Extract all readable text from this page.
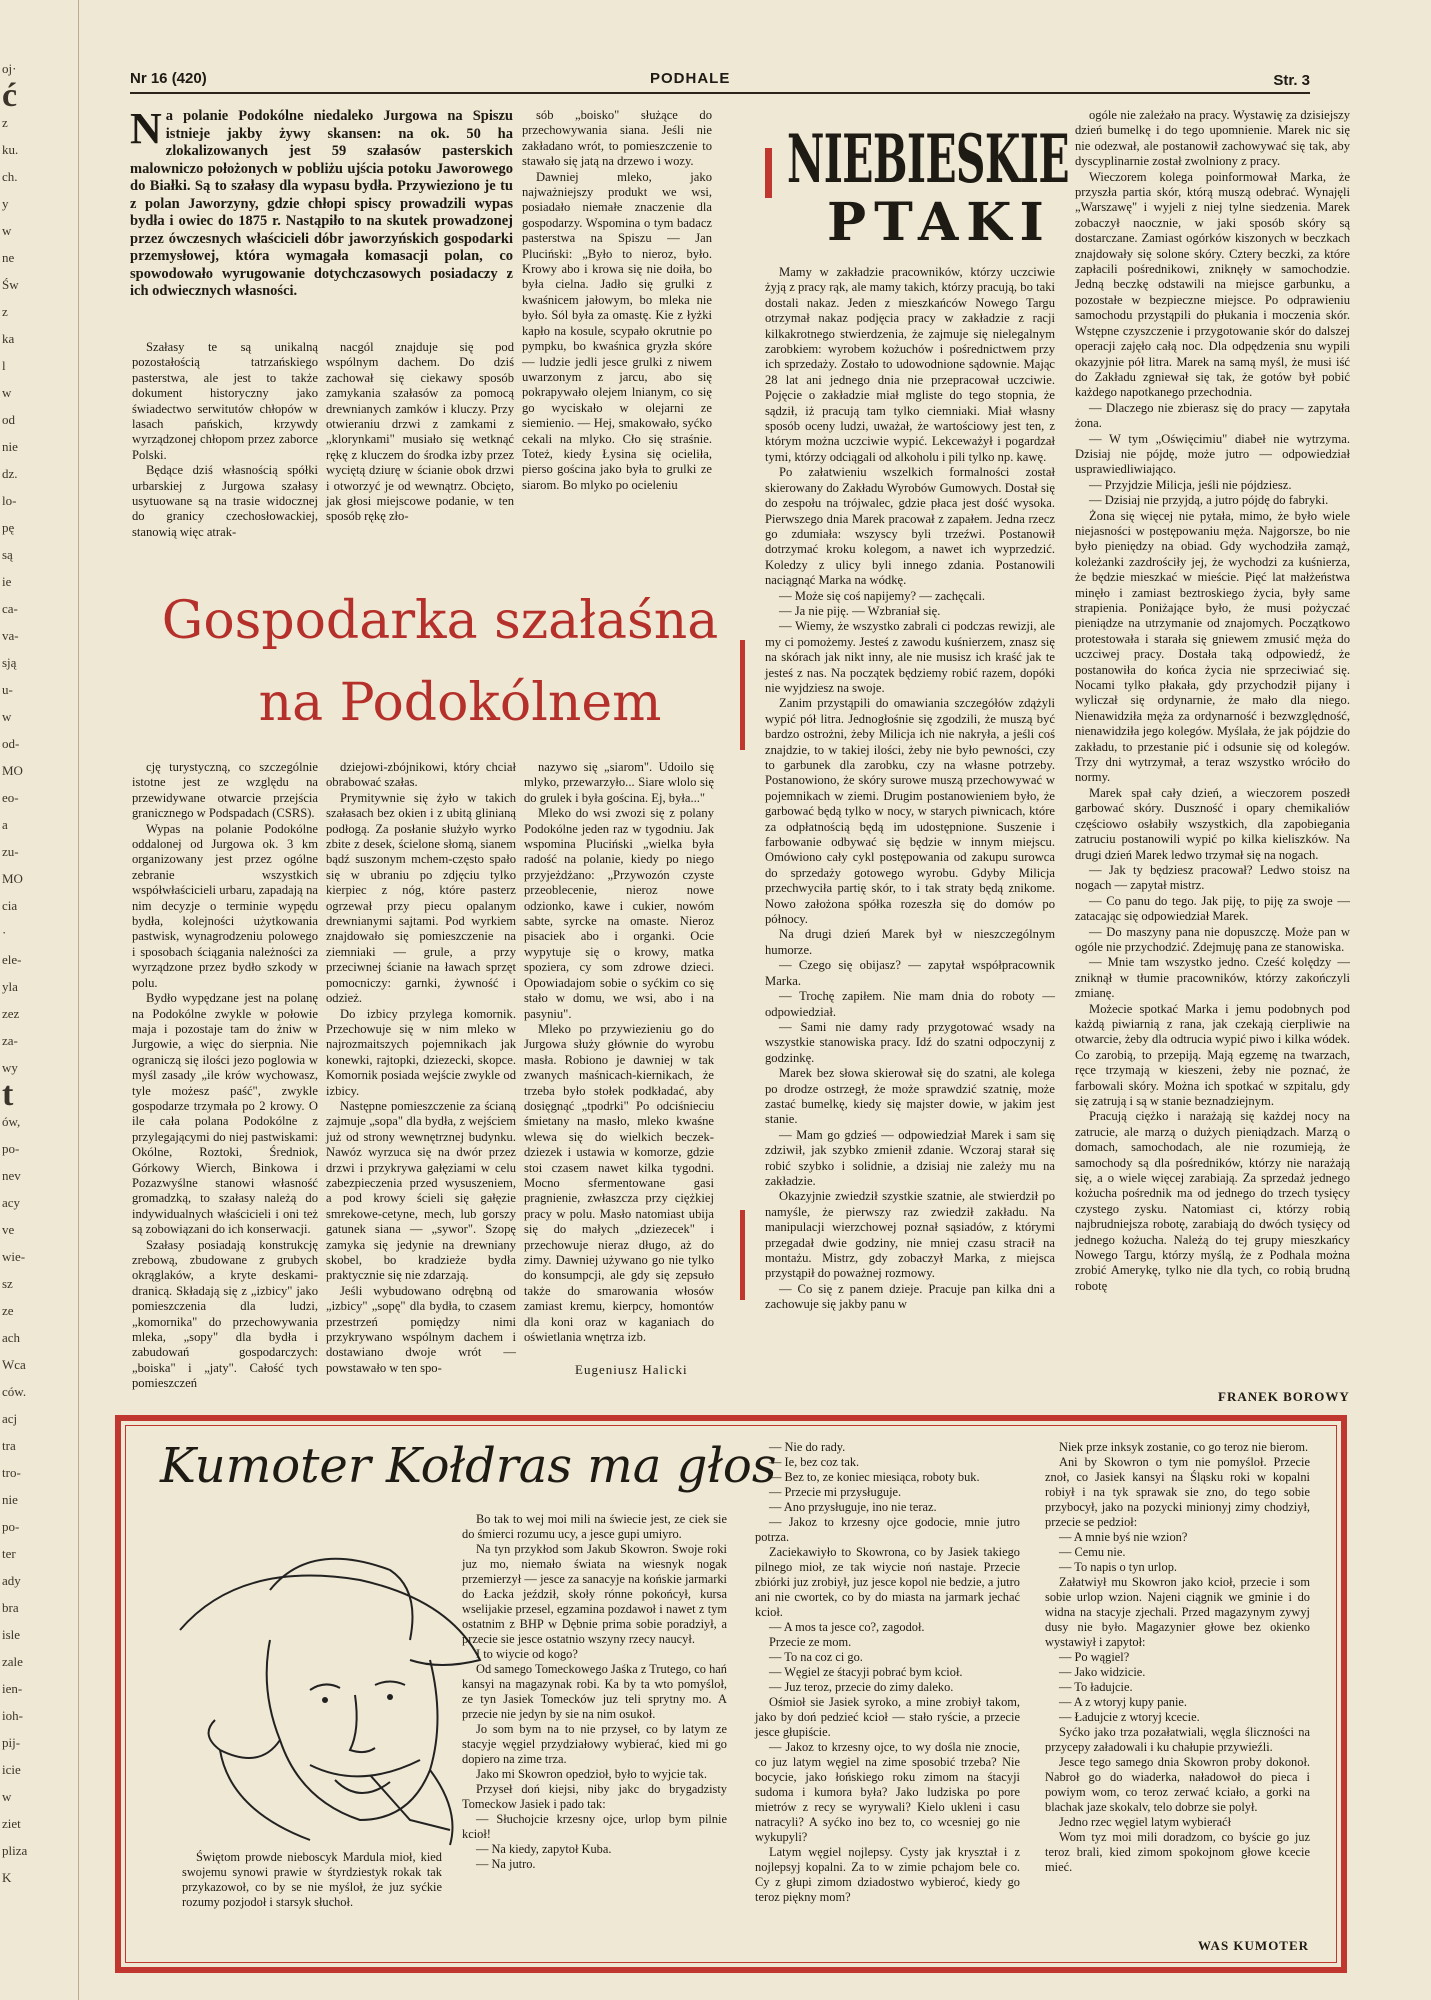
oj·
ć
z
ku.
ch.
y
w
ne
Św
z
ka
l
w
od
nie
dz.
lo-
pę
są
ie
ca-
va-
sją
u-
w
od-
MO
eo-
a
zu-
MO
cia
·
ele-
yla
zez
za-
wy
t
ów,
po-
nev
acy
ve
wie-
sz
ze
ach
Wca
ców.
acj
tra
tro-
nie
po-
ter
ady
bra
isle
zale
ien-
ioh-
pij-
icie
w
ziet
pliza
K
Nr 16 (420)	PODHALE	Str. 3
Na polanie Podokólne niedaleko Jurgowa na Spiszu istnieje jakby żywy skansen: na ok. 50 ha zlokalizowanych jest 59 szałasów pasterskich malowniczo położonych w pobliżu ujścia potoku Jaworowego do Białki. Są to szałasy dla wypasu bydła. Przywieziono je tu z polan Jaworzyny, gdzie chłopi spiscy prowadzili wypas bydła i owiec do 1875 r. Nastąpiło to na skutek prowadzonej przez ówczesnych właścicieli dóbr jaworzyńskich gospodarki przemysłowej, która wymagała komasacji polan, co spowodowało wyrugowanie dotychczasowych posiadaczy z ich odwiecznych własności.

Szałasy te są unikalną pozostałością tatrzańskiego pasterstwa, ale jest to także dokument historyczny jako świadectwo serwitutów chłopów w lasach pańskich, krzywdy wyrządzonej chłopom przez zaborce Polski.

Będące dziś własnością spółki urbarskiej z Jurgowa szałasy usytuowane są na trasie widocznej do granicy czechosłowackiej, stanowią więc atrak-

nacgól znajduje się pod wspólnym dachem. Do dziś zachował się ciekawy sposób zamykania szałasów za pomocą drewnianych zamków i kluczy. Przy otwieraniu drzwi z zamkami z „klorynkami" musiało się wetknąć rękę z kluczem do środka izby przez wyciętą dziurę w ścianie obok drzwi i otworzyć je od wewnątrz. Obcięto, jak głosi miejscowe podanie, w ten sposób rękę zło-

sób „boisko" służące do przechowywania siana. Jeśli nie zakładano wrót, to pomieszczenie to stawało się jatą na drzewo i wozy.

Dawniej mleko, jako najważniejszy produkt we wsi, posiadało niemałe znaczenie dla gospodarzy. Wspomina o tym badacz pasterstwa na Spiszu — Jan Pluciński: „Było to nieroz, było. Krowy abo i krowa się nie doiła, bo była cielna. Jadło się grulki z kwaśnicem jałowym, bo mleka nie było. Sól była za omastę. Kie z łyżki kapło na kosule, scypało okrutnie po pympku, bo kwaśnica gryzła skóre — ludzie jedli jesce grulki z niwem uwarzonym z jarcu, abo się pokrapywało olejem lnianym, co się go wyciskało w olejarni ze siemienio. — Hej, smakowało, syćko cekali na mlyko. Cło się straśnie. Toteż, kiedy Łysina się ocieliła, pierso gościna jako była to grulki ze siarom. Bo mlyko po ocieleniu

Gospodarka szałaśna
na Podokólnem

cję turystyczną, co szczególnie istotne jest ze względu na przewidywane otwarcie przejścia granicznego w Podspadach (CSRS).

Wypas na polanie Podokólne oddalonej od Jurgowa ok. 3 km organizowany jest przez ogólne zebranie wszystkich współwłaścicieli urbaru, zapadają na nim decyzje o terminie wypędu bydła, kolejności użytkowania pastwisk, wynagrodzeniu polowego i sposobach ściągania należności za wyrządzone przez bydło szkody w polu.

Bydło wypędzane jest na polanę na Podokólne zwykle w połowie maja i pozostaje tam do żniw w Jurgowie, a więc do sierpnia. Nie ograniczą się ilości jezo poglowia w myśl zasady „ile krów wychowasz, tyle możesz paść", zwykle gospodarze trzymała po 2 krowy. O ile cała polana Podokólne z przylegającymi do niej pastwiskami: Okólne, Roztoki, Średniok, Górkowy Wierch, Binkowa i Pozazwyślne stanowi własność gromadzką, to szałasy należą do indywidualnych właścicieli i oni też są zobowiązani do ich konserwacji.

Szałasy posiadają konstrukcję zrebową, zbudowane z grubych okrąglaków, a kryte deskami-dranicą. Składają się z „izbicy" jako pomieszczenia dla ludzi, „komornika" do przechowywania mleka, „sopy" dla bydła i zabudowań gospodarczych: „boiska" i „jaty". Całość tych pomieszczeń

dziejowi-zbójnikowi, który chciał obrabować szałas.

Prymitywnie się żyło w takich szałasach bez okien i z ubitą glinianą podłogą. Za posłanie służyło wyrko zbite z desek, ścielone słomą, sianem bądź suszonym mchem-często spało się w ubraniu po zdjęciu tylko kierpiec z nóg, które pasterz ogrzewał przy piecu opalanym drewnianymi sajtami. Pod wyrkiem znajdowało się pomieszczenie na ziemniaki — grule, a przy przeciwnej ścianie na ławach sprzęt pomocniczy: garnki, żywność i odzież.

Do izbicy przylega komornik. Przechowuje się w nim mleko w najrozmaitszych pojemnikach jak konewki, rajtopki, dziezecki, skopce. Komornik posiada wejście zwykle od izbicy.

Następne pomieszczenie za ścianą zajmuje „sopa" dla bydła, z wejściem już od strony wewnętrznej budynku. Nawóz wyrzuca się na dwór przez drzwi i przykrywa gałęziami w celu zabezpieczenia przed wysuszeniem, a pod krowy ścieli się gałęzie smrekowe-cetyne, mech, lub gorszy gatunek siana — „sywor". Szopę zamyka się jedynie na drewniany skobel, bo kradzieże bydła praktycznie się nie zdarzają.

Jeśli wybudowano odrębną od „izbicy" „sopę" dla bydła, to czasem przestrzeń pomiędzy nimi przykrywano wspólnym dachem i dostawiano dwoje wrót — powstawało w ten spo-

nazywo się „siarom". Udoilo się mlyko, przewarzyło... Siare wlolo się do grulek i była gościna. Ej, była..."

Mleko do wsi zwozi się z polany Podokólne jeden raz w tygodniu. Jak wspomina Pluciński „wielka była radość na polanie, kiedy po niego przyjeżdżano: „Przywozón czyste przeoblecenie, nieroz nowe odzionko, kawe i cukier, nowóm sabte, syrcke na omaste. Nieroz pisaciek abo i organki. Ocie wypytuje się o krowy, matka spoziera, cy som zdrowe dzieci. Opowiadajom sobie o syćkim co się stało w domu, we wsi, abo i na pasyniu".

Mleko po przywiezieniu go do Jurgowa służy głównie do wyrobu masła. Robiono je dawniej w tak zwanych maśnicach-kiernikach, że trzeba było stołek podkładać, aby dosięgnąć „tpodrki" Po odciśnieciu śmietany na masło, mleko kwaśne wlewa się do wielkich beczek-dziezek i ustawia w komorze, gdzie stoi czasem nawet kilka tygodni. Mocno sfermentowane gasi pragnienie, zwłaszcza przy ciężkiej pracy w polu. Masło natomiast ubija się do małych „dziezecek" i przechowuje nieraz długo, aż do zimy. Dawniej używano go nie tylko do konsumpcji, ale gdy się zepsuło także do smarowania włosów zamiast kremu, kierpcy, homontów dla koni oraz w kaganiach do oświetlania wnętrza izb.

Eugeniusz Halicki
NIEBIESKIE
PTAKI

Mamy w zakładzie pracowników, którzy uczciwie żyją z pracy rąk, ale mamy takich, którzy pracują, bo taki dostali nakaz. Jeden z mieszkańców Nowego Targu otrzymał nakaz podjęcia pracy w zakładzie z racji kilkakrotnego stwierdzenia, że zajmuje się nielegalnym zarobkiem: wyrobem kożuchów i pośrednictwem przy ich sprzedaży. Zostało to udowodnione sądownie. Mając 28 lat ani jednego dnia nie przepracował uczciwie. Pojęcie o zakładzie miał mgliste do tego stopnia, że sądził, iż pracują tam tylko ciemniaki. Miał własny sposób oceny ludzi, uważał, że wartościowy jest ten, z którym można uczciwie wypić. Lekceważył i pogardzał tymi, którzy odciągali od alkoholu i pili tylko np. kawę.

Po załatwieniu wszelkich formalności został skierowany do Zakładu Wyrobów Gumowych. Dostał się do zespołu na trójwalec, gdzie płaca jest dość wysoka. Pierwszego dnia Marek pracował z zapałem. Jedna rzecz go zdumiała: wszyscy byli trzeźwi. Postanowił dotrzymać kroku kolegom, a nawet ich wyprzedzić. Koledzy z ulicy byli innego zdania. Postanowili naciągnąć Marka na wódkę.

— Może się coś napijemy? — zachęcali.

— Ja nie piję. — Wzbraniał się.

— Wiemy, że wszystko zabrali ci podczas rewizji, ale my ci pomożemy. Jesteś z zawodu kuśnierzem, znasz się na skórach jak nikt inny, ale nie musisz ich kraść jak te jesteś z nas. Na początek będziemy robić razem, dopóki nie wyjdziesz na swoje.

Zanim przystąpili do omawiania szczegółów zdążyli wypić pół litra. Jednogłośnie się zgodzili, że muszą być bardzo ostrożni, żeby Milicja ich nie nakryła, a jeśli coś znajdzie, to w takiej ilości, żeby nie było pewności, czy to garbunek dla zarobku, czy na własne potrzeby. Postanowiono, że skóry surowe muszą przechowywać w pojemnikach w ziemi. Drugim postanowieniem było, że garbować będą tylko w nocy, w starych piwnicach, które za odpłatnością będą im udostępnione. Suszenie i farbowanie odbywać się będzie w innym miejscu. Omówiono cały cykl postępowania od zakupu surowca do sprzedaży gotowego wyrobu. Gdyby Milicja przechwyciła partię skór, to i tak straty będą znikome. Nowo założona spółka rozeszła się do domów po północy.

Na drugi dzień Marek był w nieszczególnym humorze.

— Czego się obijasz? — zapytał współpracownik Marka.

— Trochę zapiłem. Nie mam dnia do roboty — odpowiedział.

— Sami nie damy rady przygotować wsady na wszystkie stanowiska pracy. Idź do szatni odpoczynij z godzinkę.

Marek bez słowa skierował się do szatni, ale kolega po drodze ostrzegł, że może sprawdzić szatnię, może zastać bumelkę, kiedy się majster dowie, w jakim jest stanie.

— Mam go gdzieś — odpowiedział Marek i sam się zdziwił, jak szybko zmienił zdanie. Wczoraj starał się robić szybko i solidnie, a dzisiaj nie zależy mu na zakładzie.

Okazyjnie zwiedził szystkie szatnie, ale stwierdził po namyśle, że pierwszy raz zwiedził zakładu. Na manipulacji wierzchowej poznał sąsiadów, z którymi przegadał dwie godziny, nie mniej czasu stracił na montażu. Mistrz, gdy zobaczył Marka, z miejsca przystąpił do poważnej rozmowy.

— Co się z panem dzieje. Pracuje pan kilka dni a zachowuje się jakby panu w

ogóle nie zależało na pracy. Wystawię za dzisiejszy dzień bumelkę i do tego upomnienie. Marek nic się nie odezwał, ale postanowił zachowywać się tak, aby dyscyplinarnie został zwolniony z pracy.

Wieczorem kolega poinformował Marka, że przyszła partia skór, którą muszą odebrać. Wynajęli „Warszawę" i wyjeli z niej tylne siedzenia. Marek zobaczył naocznie, w jaki sposób skóry są dostarczane. Zamiast ogórków kiszonych w beczkach znajdowały się solone skóry. Cztery beczki, za które zapłacili pośrednikowi, zniknęły w samochodzie. Jedną beczkę odstawili na miejsce garbunku, a pozostałe w bezpieczne miejsce. Po odprawieniu samochodu przystąpili do płukania i moczenia skór. Wstępne czyszczenie i przygotowanie skór do dalszej operacji zajęło całą noc. Dla odpędzenia snu wypili okazyjnie pół litra. Marek na samą myśl, że musi iść do Zakładu zgniewał się tak, że gotów był pobić każdego napotkanego przechodnia.

— Dlaczego nie zbierasz się do pracy — zapytała żona.

— W tym „Oświęcimiu" diabeł nie wytrzyma. Dzisiaj nie pójdę, może jutro — odpowiedział usprawiedliwiająco.

— Przyjdzie Milicja, jeśli nie pójdziesz.

— Dzisiaj nie przyjdą, a jutro pójdę do fabryki.

Żona się więcej nie pytała, mimo, że było wiele niejasności w postępowaniu męża. Najgorsze, bo nie było pieniędzy na obiad. Gdy wychodziła zamąż, koleżanki zazdrościły jej, że wychodzi za kuśnierza, że będzie mieszkać w mieście. Pięć lat małżeństwa minęło i zamiast beztroskiego życia, były same strapienia. Poniżające było, że musi pożyczać pieniądze na utrzymanie od znajomych. Początkowo protestowała i starała się gniewem zmusić męża do uczciwej pracy. Dostała taką odpowiedź, że postanowiła do końca życia nie sprzeciwiać się. Nocami tylko płakała, gdy przychodził pijany i wyliczał się ordynarnie, że mało dla niego. Nienawidziła męża za ordynarność i bezwzględność, nienawidziła jego kolegów. Myślała, że jak pójdzie do zakładu, to przestanie pić i odsunie się od kolegów. Trzy dni wytrzymał, a teraz wszystko wróciło do normy.

Marek spał cały dzień, a wieczorem poszedł garbować skóry. Duszność i opary chemikaliów częściowo osłabiły wszystkich, dla zapobiegania zatruciu postanowili wypić po kilka kieliszków. Na drugi dzień Marek ledwo trzymał się na nogach.

— Jak ty będziesz pracował? Ledwo stoisz na nogach — zapytał mistrz.

— Co panu do tego. Jak piję, to piję za swoje — zatacając się odpowiedział Marek.

— Do maszyny pana nie dopuszczę. Może pan w ogóle nie przychodzić. Zdejmuję pana ze stanowiska.

— Mnie tam wszystko jedno. Cześć kolędzy — zniknął w tłumie pracowników, którzy zakończyli zmianę.

Możecie spotkać Marka i jemu podobnych pod każdą piwiarnią z rana, jak czekają cierpliwie na otwarcie, żeby dla odtrucia wypić piwo i kilka wódek. Co zarobią, to przepiją. Mają egzemę na twarzach, ręce trzymają w kieszeni, żeby nie poznać, że farbowali skóry. Można ich spotkać w szpitalu, gdy się zatrują i są w stanie beznadziejnym.

Pracują ciężko i narażają się każdej nocy na zatrucie, ale marzą o dużych pieniądzach. Marzą o domach, samochodach, ale nie rozumieją, że samochody są dla pośredników, którzy nie narażają się, a o wiele więcej zarabiają. Za sprzedaż jednego kożucha pośrednik ma od jednego do trzech tysięcy czystego zysku. Natomiast ci, którzy robią najbrudniejsza robotę, zarabiają do dwóch tysięcy od jednego kożucha. Należą do tej grupy mieszkańcy Nowego Targu, którzy myślą, że z Podhala można zrobić Amerykę, tylko nie dla tych, co robią brudną robotę

FRANEK BOROWY
Kumoter Kołdras ma głos

Świętom prowde nieboscyk Mardula mioł, kied swojemu synowi prawie w śtyrdziestyk rokak tak przykazowoł, co by se nie myśloł, że juz syćkie rozumy pozjodoł i starsyk słuchoł.

Bo tak to wej moi mili na świecie jest, ze ciek sie do śmierci rozumu ucy, a jesce gupi umiyro.

Na tyn przykłod som Jakub Skowron. Swoje roki juz mo, niemało świata na wiesnyk nogak przemierzył — jesce za sanacyje na końskie jarmarki do Łacka jeździł, skoły rónne pokońcył, kursa wselijakie przesel, egzamina pozdawoł i nawet z tym ostatnim z BHP w Dębnie prima sobie poradziył, a przecie sie jesce ostatnio wszyny rzecy naucył.

I to wiycie od kogo?

Od samego Tomeckowego Jaśka z Trutego, co hań kansyi na magazynak robi. Ka by ta wto pomyśloł, ze tyn Jasiek Tomecków juz teli sprytny mo. A przecie nie jedyn by sie na nim osukoł.

Jo som bym na to nie przyseł, co by latym ze stacyje węgiel przydziałowy wybierać, kied mi go dopiero na zime trza.

Jako mi Skowron opedzioł, było to wyjcie tak.

Przyseł doń kiejsi, niby jakc do brygadzisty Tomeckow Jasiek i pado tak:

— Słuchojcie krzesny ojce, urlop bym pilnie kcioł!

— Na kiedy, zapytoł Kuba.

— Na jutro.

— Nie do rady.

— Ie, bez coz tak.

— Bez to, ze koniec miesiąca, roboty buk.

— Przecie mi przysługuje.

— Ano przysługuje, ino nie teraz.

— Jakoz to krzesny ojce godocie, mnie jutro potrza.

Zaciekawiyło to Skowrona, co by Jasiek takiego pilnego mioł, ze tak wiycie noń nastaje. Przecie zbiórki juz zrobiył, juz jesce kopol nie bedzie, a jutro ani nie cwortek, co by do miasta na jarmark jechać kcioł.

— A mos ta jesce co?, zagodoł.

Przecie ze mom.

— To na coz ci go.

— Węgiel ze śtacyji pobrać bym kcioł.

— Juz teroz, przecie do zimy daleko.

Ośmioł sie Jasiek syroko, a mine zrobiył takom, jako by doń pedzieć kcioł — stało ryście, a przecie jesce głupiście.

— Jakoz to krzesny ojce, to wy dośla nie znocie, co juz latym węgiel na zime sposobić trzeba? Nie bocycie, jako łońskiego roku zimom na śtacyji sudoma i kumora była? Jako ludziska po pore mietrów z recy se wyrywali? Kielo ukleni i casu natracyli? A syćko ino bez to, co wcesniej go nie wykupyli?

Latym węgiel nojlepsy. Cysty jak kryształ i z nojlepsyj kopalni. Za to w zimie pchajom bele co. Cy z głupi zimom dziadostwo wybieroć, kiedy go teroz piękny mom?

Niek prze inksyk zostanie, co go teroz nie bierom.

Ani by Skowron o tym nie pomyśloł. Przecie znoł, co Jasiek kansyi na Śląsku roki w kopalni robiył i na tyk sprawak sie zno, do tego sobie przybocył, jako na pozycki minionyj zimy chodziył, przecie se pedzioł:

— A mnie byś nie wzion?

— Cemu nie.

— To napis o tyn urlop.

Załatwiył mu Skowron jako kcioł, przecie i som sobie urlop wzion. Najeni ciągnik we gminie i do widna na stacyje zjechali. Przed magazynym zywyj dusy nie było. Magazynier głowe bez okienko wystawiył i zapytoł:

— Po wągiel?

— Jako widzicie.

— To ładujcie.

— A z wtoryj kupy panie.

— Ładujcie z wtoryj kcecie.

Syćko jako trza pozałatwiali, węgla śliczności na przycepy załadowali i ku chałupie przywieźli.

Jesce tego samego dnia Skowron proby dokonoł. Nabroł go do wiaderka, naładowoł do pieca i powiym wom, co teroz zerwać kciało, a gorki na blachak jaze skokalv, telo dobrze sie polył.

Jedno rzec węgiel latym wybieraćł

Wom tyz moi mili doradzom, co byście go juz teroz brali, kied zimom spokojnom głowe kcecie mieć.

WAS KUMOTER
